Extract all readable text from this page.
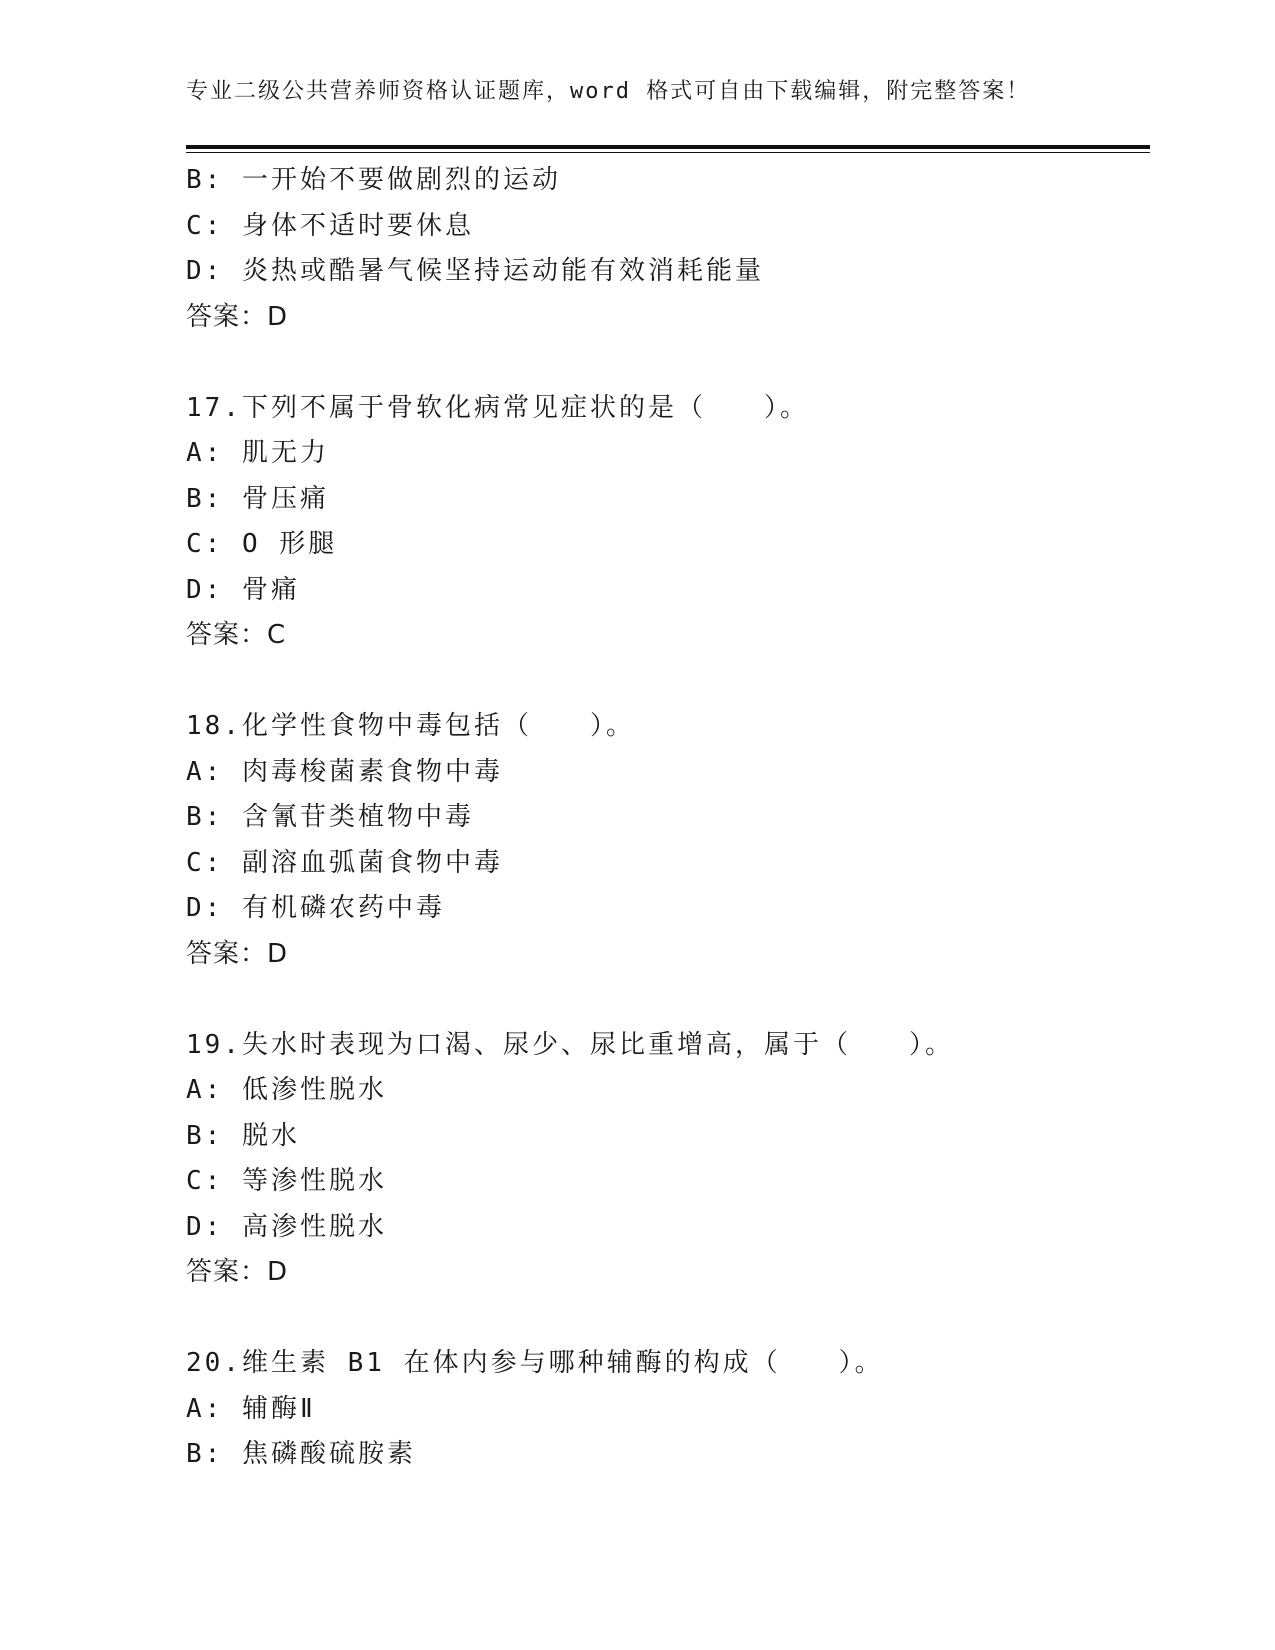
专业二级公共营养师资格认证题库，word 格式可自由下载编辑，附完整答案！
B: 一开始不要做剧烈的运动
C: 身体不适时要休息
D: 炎热或酷暑气候坚持运动能有效消耗能量
答案：D
17.下列不属于骨软化病常见症状的是（　　）。
A: 肌无力
B: 骨压痛
C: O 形腿
D: 骨痛
答案：C
18.化学性食物中毒包括（　　）。
A: 肉毒梭菌素食物中毒
B: 含氰苷类植物中毒
C: 副溶血弧菌食物中毒
D: 有机磷农药中毒
答案：D
19.失水时表现为口渴、尿少、尿比重增高，属于（　　）。
A: 低渗性脱水
B: 脱水
C: 等渗性脱水
D: 高渗性脱水
答案：D
20.维生素 B1 在体内参与哪种辅酶的构成（　　）。
A: 辅酶Ⅱ
B: 焦磷酸硫胺素
